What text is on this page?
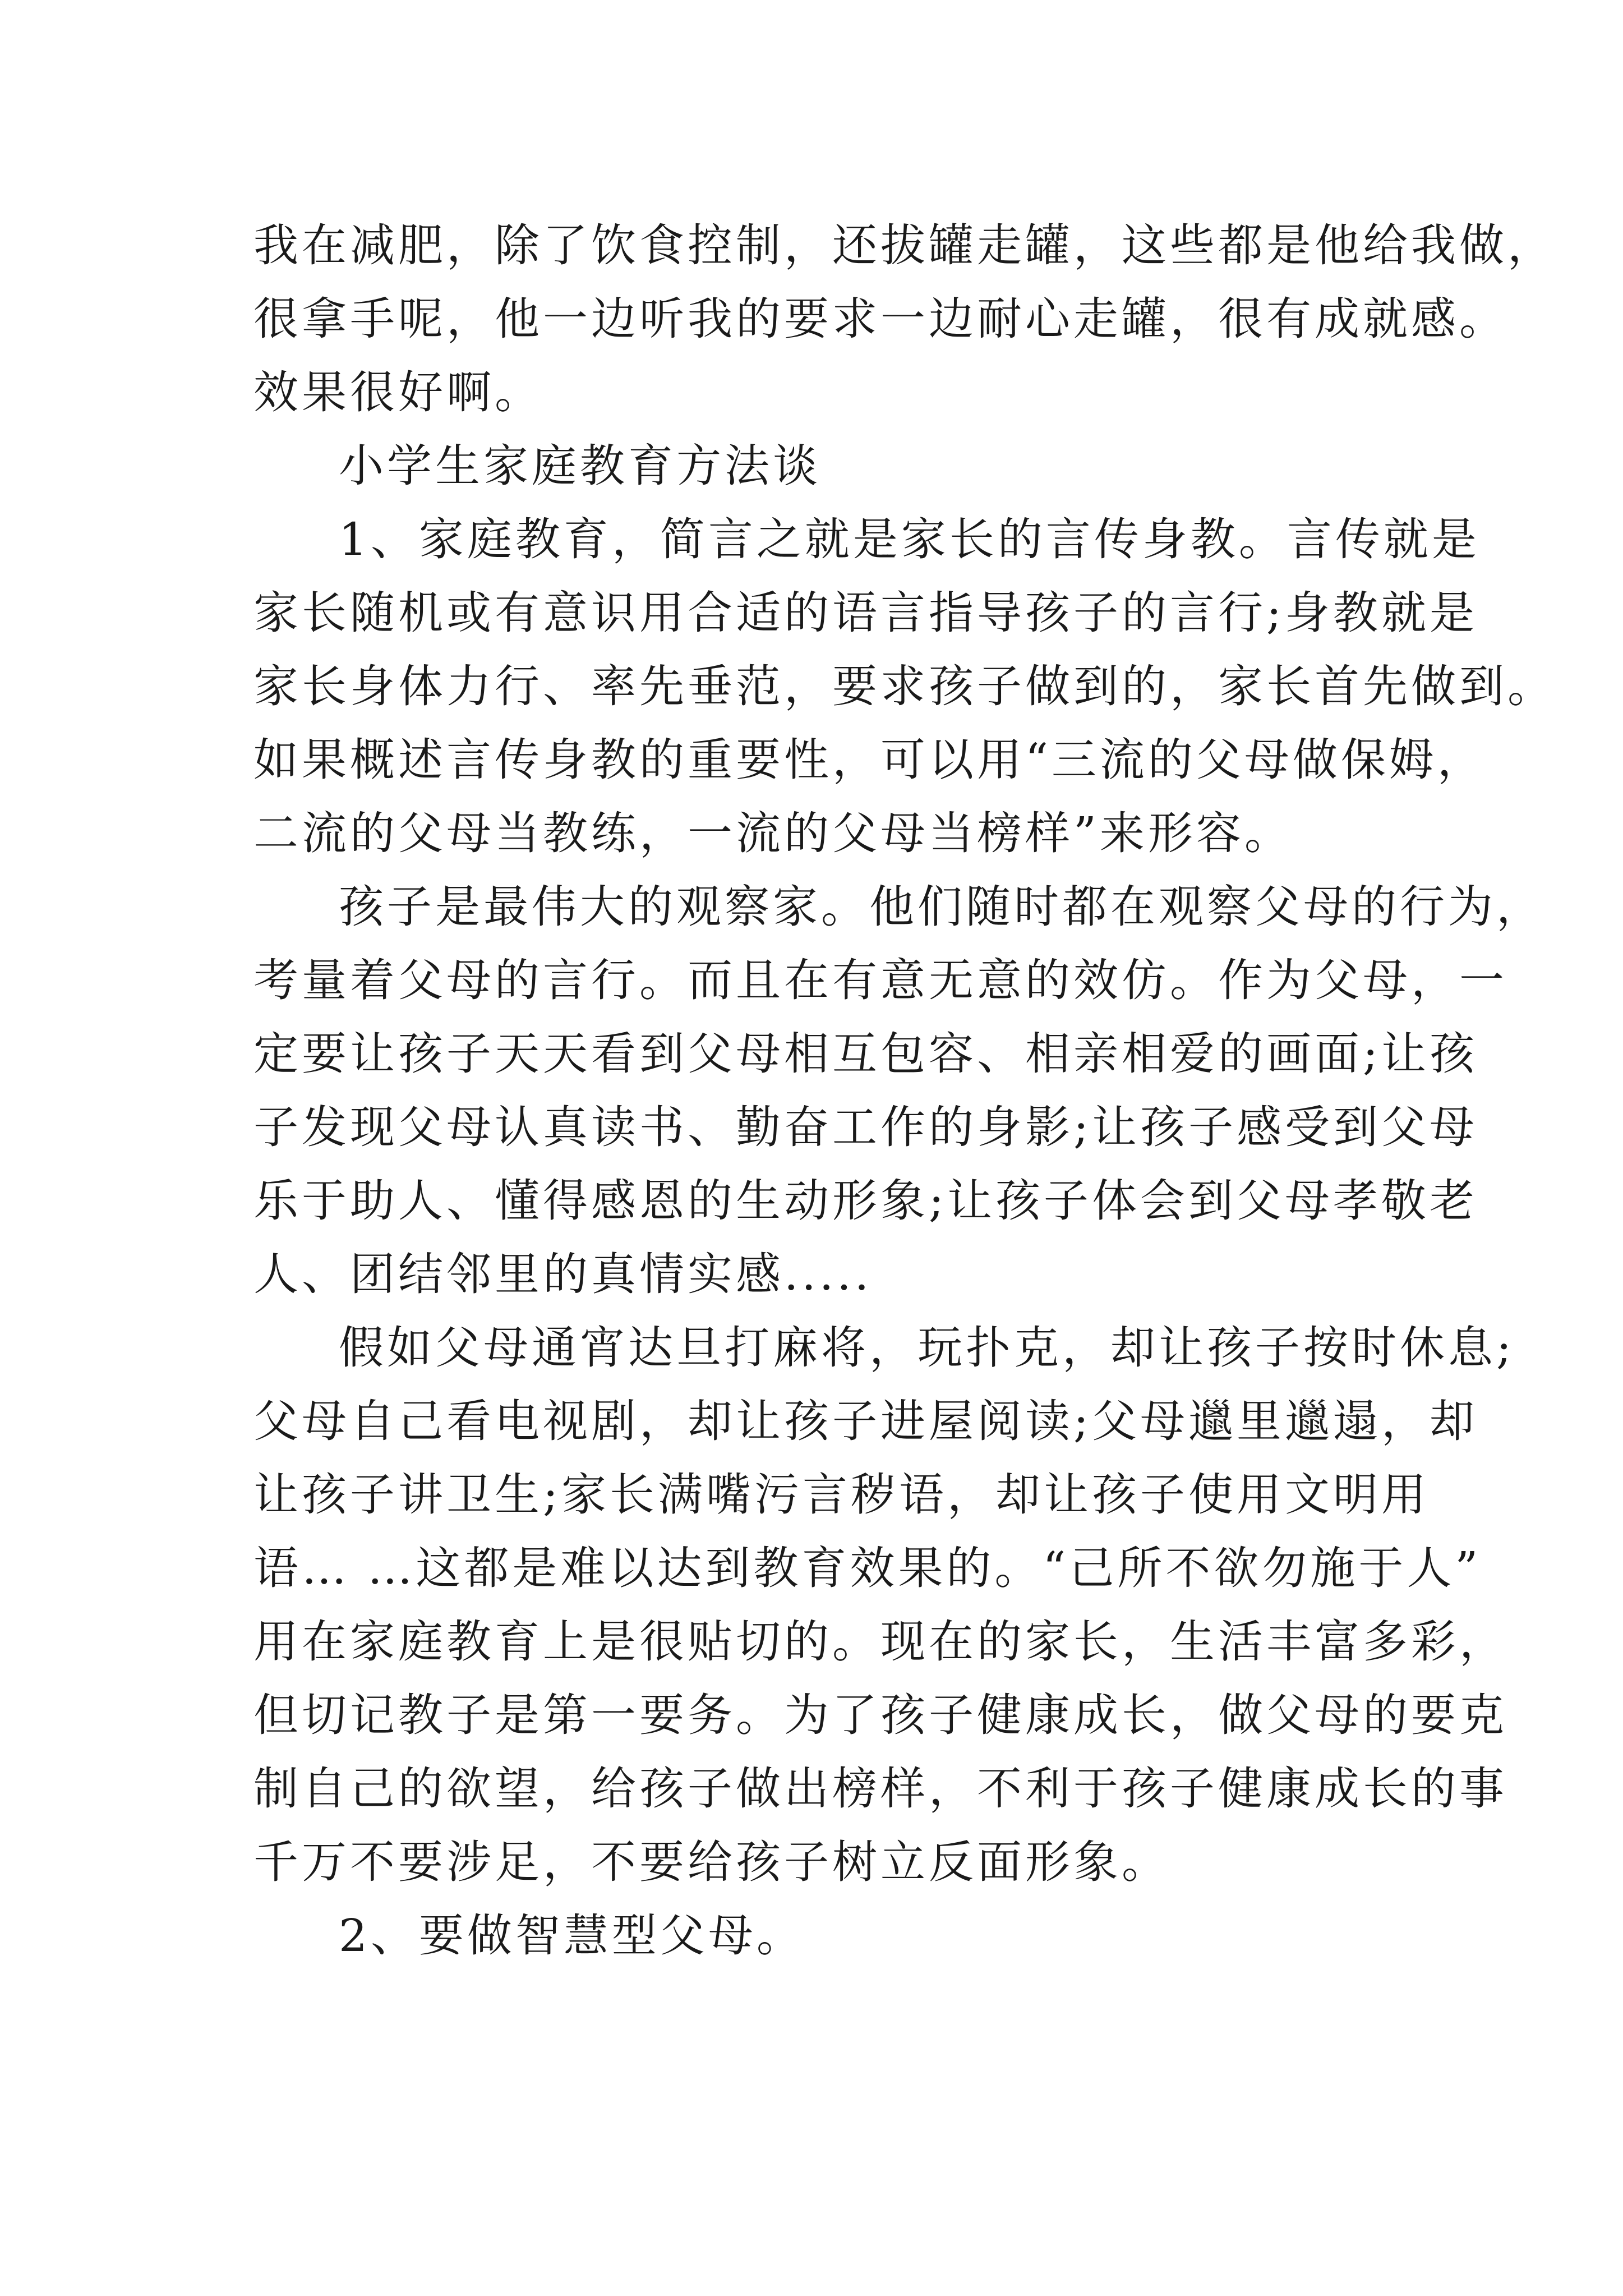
我在减肥，除了饮食控制，还拔罐走罐，这些都是他给我做，
很拿手呢，他一边听我的要求一边耐心走罐，很有成就感。
效果很好啊。
小学生家庭教育方法谈
1、家庭教育，简言之就是家长的言传身教。言传就是
家长随机或有意识用合适的语言指导孩子的言行;身教就是
家长身体力行、率先垂范，要求孩子做到的，家长首先做到。
如果概述言传身教的重要性，可以用“三流的父母做保姆，
二流的父母当教练，一流的父母当榜样”来形容。
孩子是最伟大的观察家。他们随时都在观察父母的行为，
考量着父母的言行。而且在有意无意的效仿。作为父母，一
定要让孩子天天看到父母相互包容、相亲相爱的画面;让孩
子发现父母认真读书、勤奋工作的身影;让孩子感受到父母
乐于助人、懂得感恩的生动形象;让孩子体会到父母孝敬老
人、团结邻里的真情实感.....
假如父母通宵达旦打麻将，玩扑克，却让孩子按时休息;
父母自己看电视剧，却让孩子进屋阅读;父母邋里邋遢，却
让孩子讲卫生;家长满嘴污言秽语，却让孩子使用文明用
语… …这都是难以达到教育效果的。“己所不欲勿施于人”
用在家庭教育上是很贴切的。现在的家长，生活丰富多彩，
但切记教子是第一要务。为了孩子健康成长，做父母的要克
制自己的欲望，给孩子做出榜样，不利于孩子健康成长的事
千万不要涉足，不要给孩子树立反面形象。
2、要做智慧型父母。
